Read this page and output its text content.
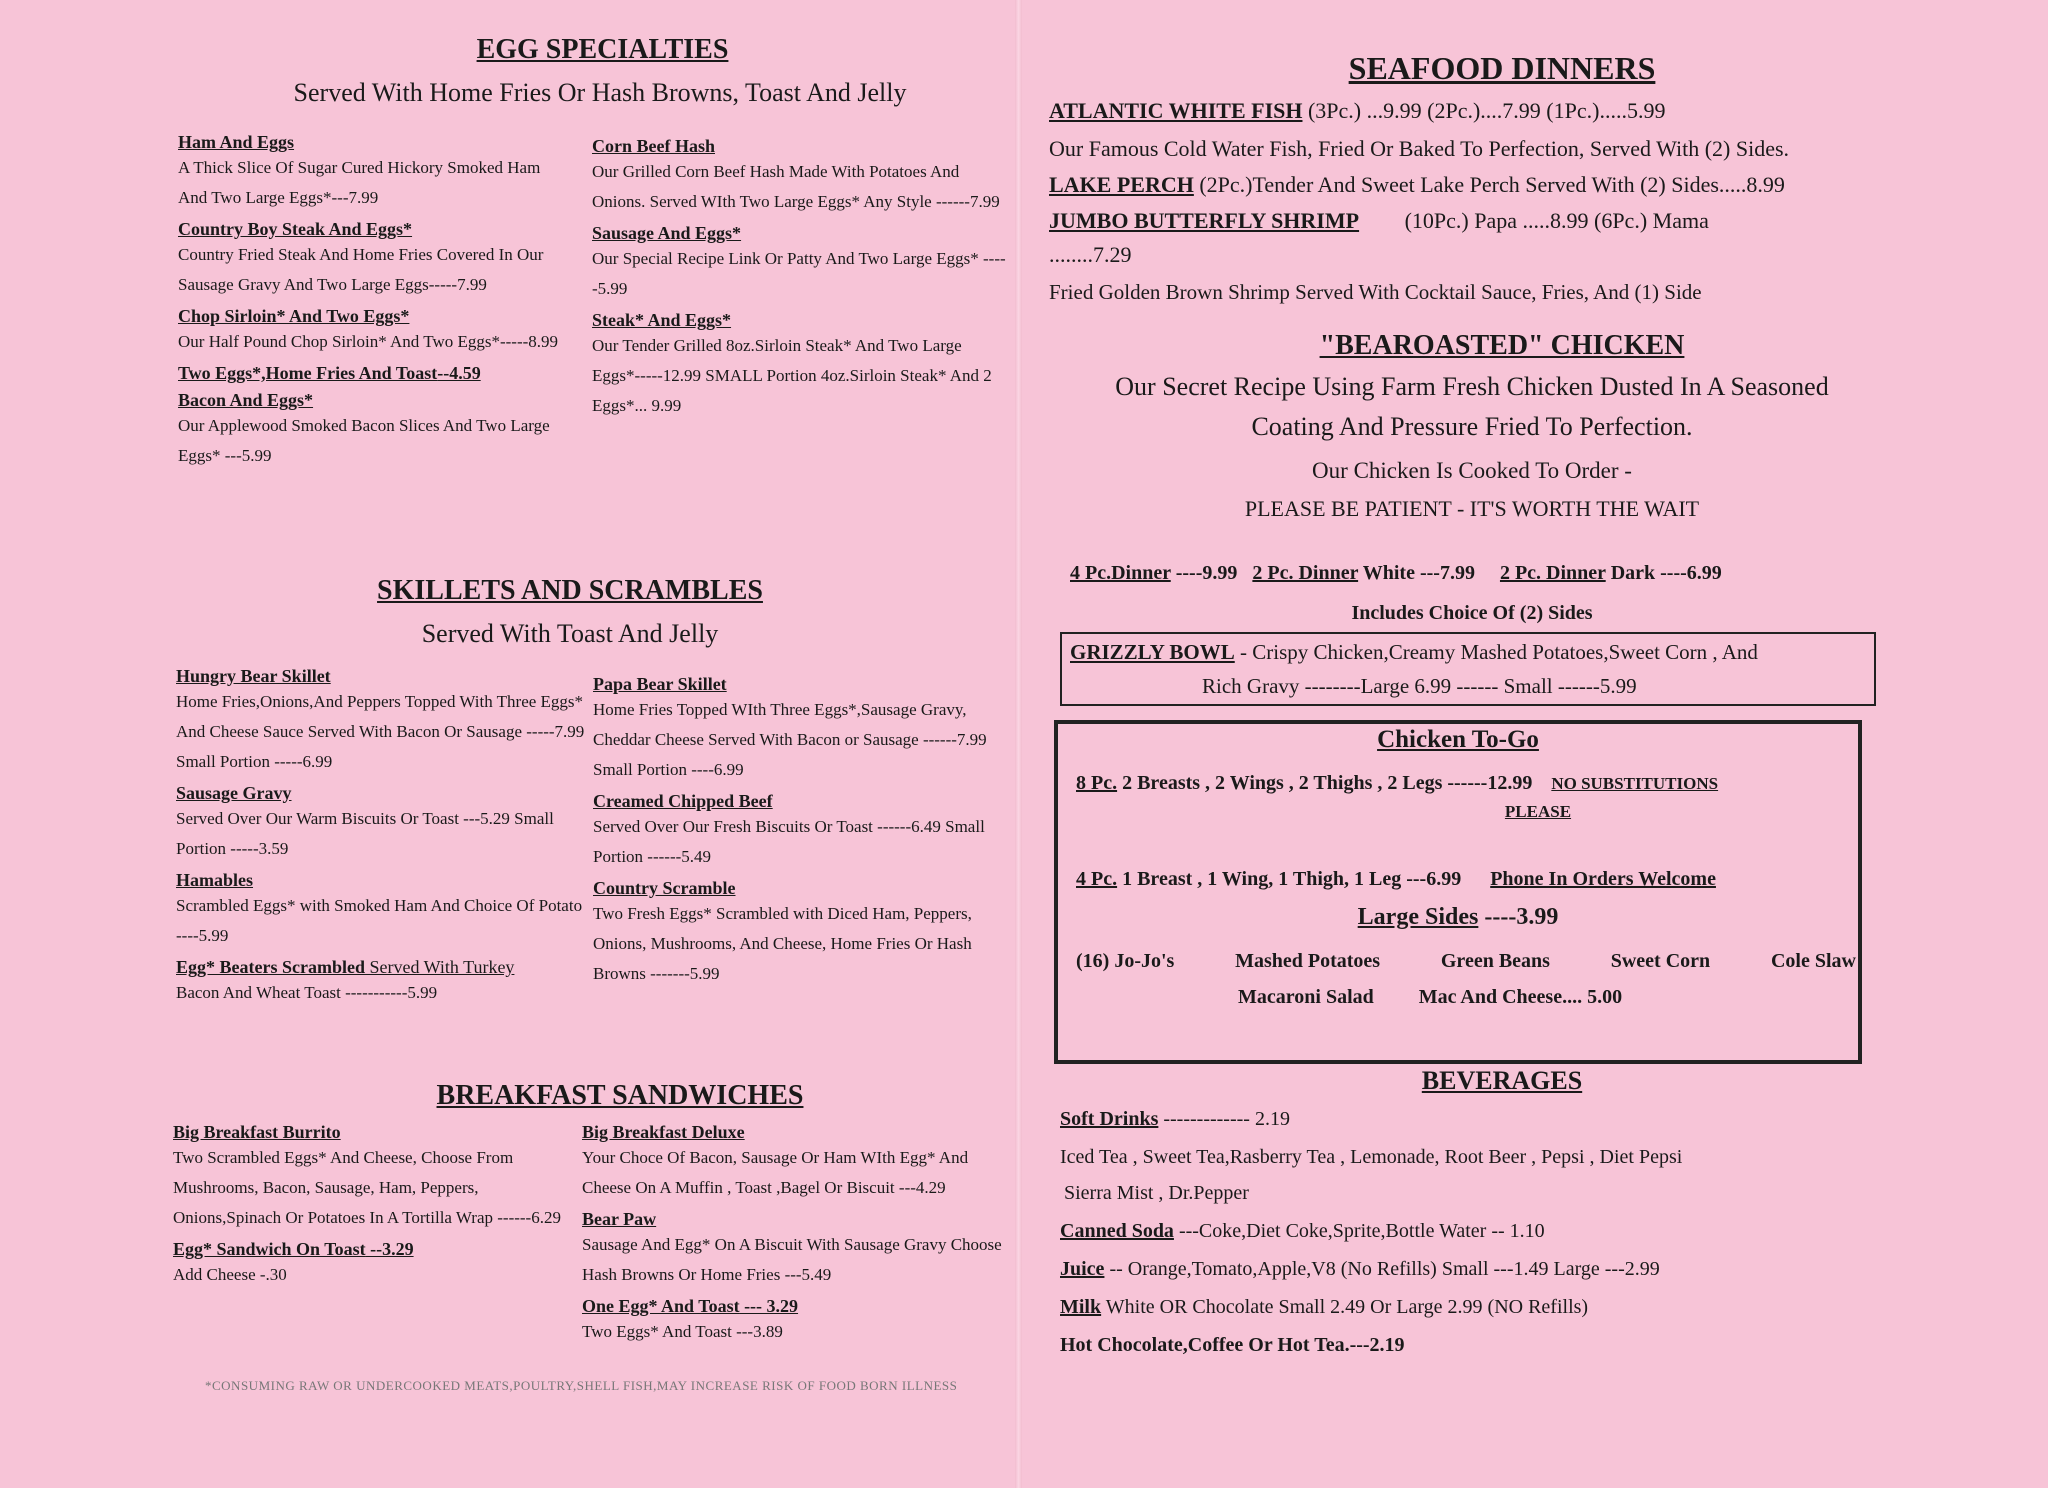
EGG SPECIALTIES
Served With Home Fries Or Hash Browns, Toast And Jelly
Ham And Eggs
A Thick Slice Of Sugar Cured Hickory Smoked Ham And Two Large Eggs*---7.99
Country Boy Steak And Eggs*
Country Fried Steak And Home Fries Covered In Our Sausage Gravy And Two Large Eggs-----7.99
Chop Sirloin* And Two Eggs*
Our Half Pound Chop Sirloin* And Two Eggs*-----8.99
Two Eggs*,Home Fries And Toast--4.59
Bacon And Eggs*
Our Applewood Smoked Bacon Slices And Two Large Eggs* ---5.99
Corn Beef Hash
Our Grilled Corn Beef Hash Made With Potatoes And Onions. Served WIth Two Large Eggs* Any Style ------7.99
Sausage And Eggs*
Our Special Recipe Link Or Patty And Two Large Eggs* -----5.99
Steak* And Eggs*
Our Tender Grilled 8oz.Sirloin Steak* And Two Large Eggs*-----12.99 SMALL Portion 4oz.Sirloin Steak* And 2 Eggs*... 9.99
SKILLETS AND SCRAMBLES
Served With Toast And Jelly
Hungry Bear Skillet
Home Fries,Onions,And Peppers Topped With Three Eggs* And Cheese Sauce Served With Bacon Or Sausage -----7.99 Small Portion -----6.99
Sausage Gravy
Served Over Our Warm Biscuits Or Toast ---5.29 Small Portion -----3.59
Hamables
Scrambled Eggs* with Smoked Ham And Choice Of Potato ----5.99
Egg* Beaters Scrambled Served With Turkey
Bacon And Wheat Toast -----------5.99
Papa Bear Skillet
Home Fries Topped WIth Three Eggs*,Sausage Gravy, Cheddar Cheese Served With Bacon or Sausage ------7.99 Small Portion ----6.99
Creamed Chipped Beef
Served Over Our Fresh Biscuits Or Toast ------6.49 Small Portion ------5.49
Country Scramble
Two Fresh Eggs* Scrambled with Diced Ham, Peppers, Onions, Mushrooms, And Cheese, Home Fries Or Hash Browns -------5.99
BREAKFAST SANDWICHES
Big Breakfast Burrito
Two Scrambled Eggs* And Cheese, Choose From Mushrooms, Bacon, Sausage, Ham, Peppers, Onions,Spinach Or Potatoes In A Tortilla Wrap ------6.29
Egg* Sandwich On Toast --3.29
Add Cheese -.30
Big Breakfast Deluxe
Your Choce Of Bacon, Sausage Or Ham WIth Egg* And Cheese On A Muffin , Toast ,Bagel Or Biscuit ---4.29
Bear Paw
Sausage And Egg* On A Biscuit With Sausage Gravy Choose Hash Browns Or Home Fries ---5.49
One Egg* And Toast --- 3.29
Two Eggs* And Toast ---3.89
*CONSUMING RAW OR UNDERCOOKED MEATS,POULTRY,SHELL FISH,MAY INCREASE RISK OF FOOD BORN ILLNESS
SEAFOOD DINNERS
ATLANTIC WHITE FISH (3Pc.) ...9.99 (2Pc.)....7.99 (1Pc.).....5.99
Our Famous Cold Water Fish, Fried Or Baked To Perfection, Served With (2) Sides.
LAKE PERCH (2Pc.)Tender And Sweet Lake Perch Served With (2) Sides.....8.99
JUMBO BUTTERFLY SHRIMP (10Pc.) Papa .....8.99 (6Pc.) Mama
........7.29
Fried Golden Brown Shrimp Served With Cocktail Sauce, Fries, And (1) Side
"BEAROASTED" CHICKEN
Our Secret Recipe Using Farm Fresh Chicken Dusted In A Seasoned
Coating And Pressure Fried To Perfection.
Our Chicken Is Cooked To Order -
PLEASE BE PATIENT - IT'S WORTH THE WAIT
4 Pc.Dinner ----9.99 2 Pc. Dinner White ---7.99 2 Pc. Dinner Dark ----6.99
Includes Choice Of (2) Sides
GRIZZLY BOWL - Crispy Chicken,Creamy Mashed Potatoes,Sweet Corn , And
Rich Gravy --------Large 6.99 ------ Small ------5.99
Chicken To-Go
8 Pc. 2 Breasts , 2 Wings , 2 Thighs , 2 Legs ------12.99 NO SUBSTITUTIONS
PLEASE
4 Pc. 1 Breast , 1 Wing, 1 Thigh, 1 Leg ---6.99 Phone In Orders Welcome
Large Sides ----3.99
(16) Jo-Jo's	Mashed Potatoes	Green Beans	Sweet Corn	Cole Slaw
Macaroni Salad Mac And Cheese.... 5.00
BEVERAGES
Soft Drinks ------------- 2.19
Iced Tea , Sweet Tea,Rasberry Tea , Lemonade, Root Beer , Pepsi , Diet Pepsi
Sierra Mist , Dr.Pepper
Canned Soda ---Coke,Diet Coke,Sprite,Bottle Water -- 1.10
Juice -- Orange,Tomato,Apple,V8 (No Refills) Small ---1.49 Large ---2.99
Milk White OR Chocolate Small 2.49 Or Large 2.99 (NO Refills)
Hot Chocolate,Coffee Or Hot Tea.---2.19
